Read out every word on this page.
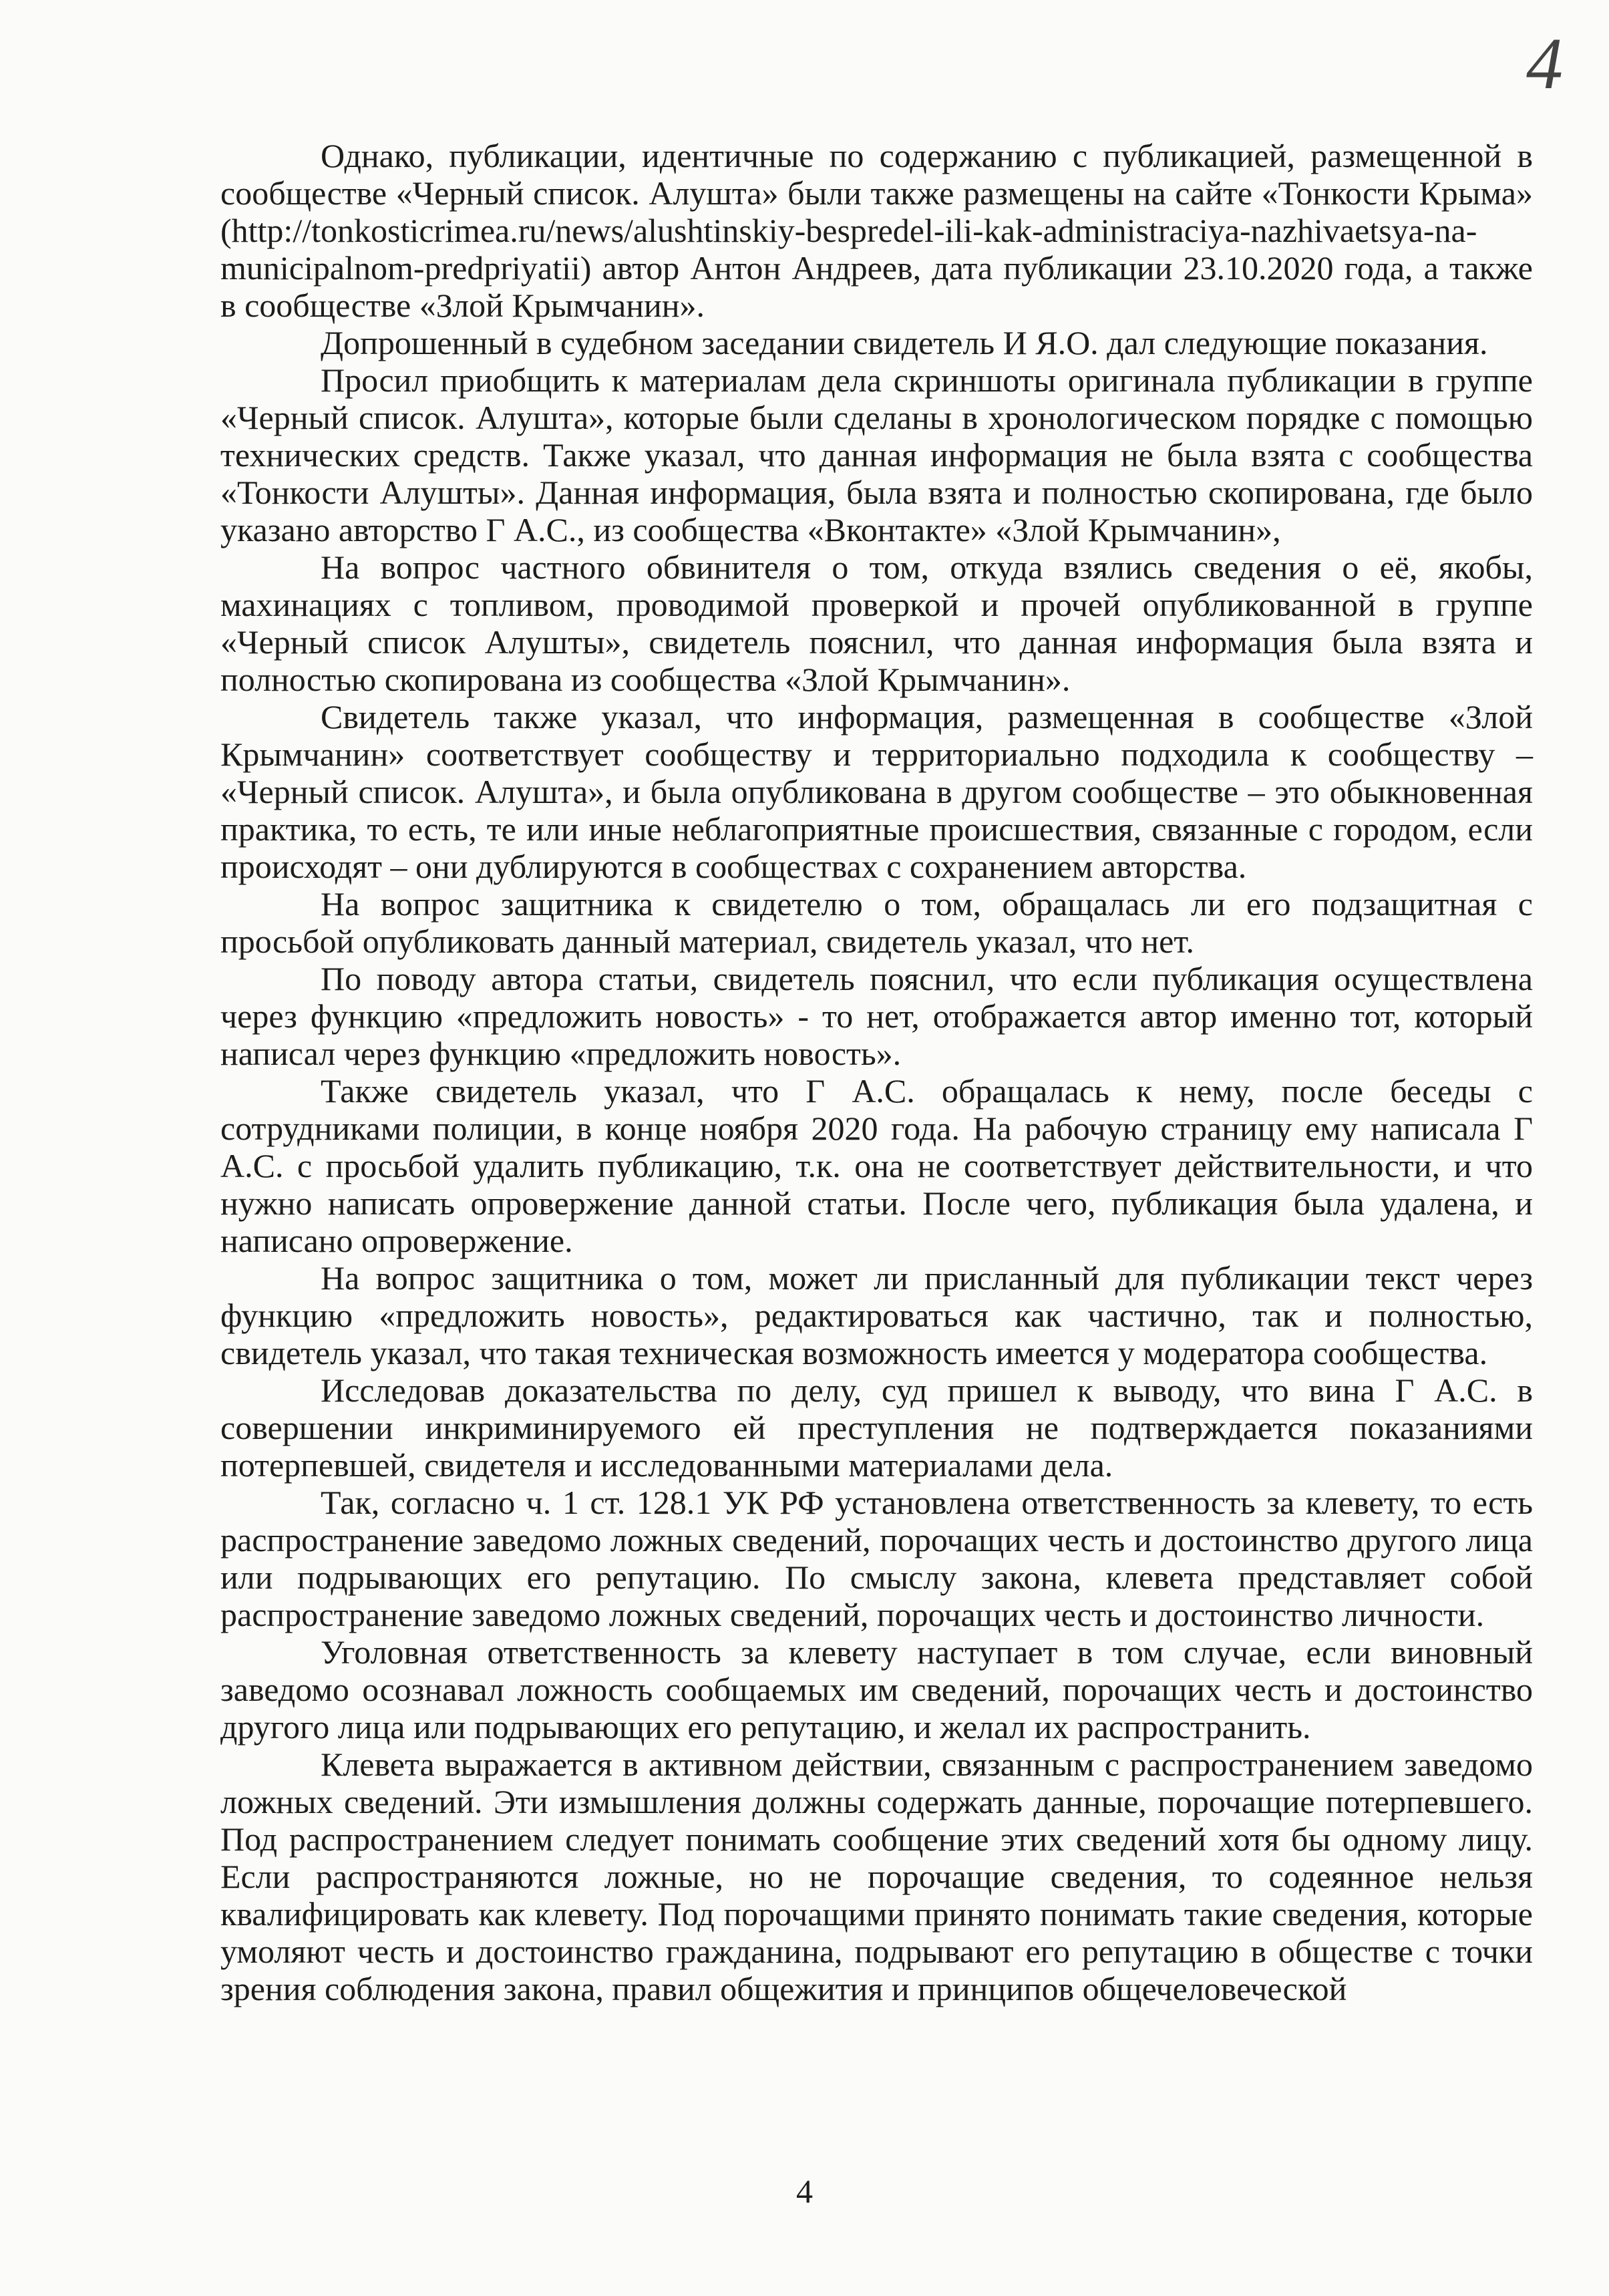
4

Однако, публикации, идентичные по содержанию с публикацией, размещенной в сообществе «Черный список. Алушта» были также размещены на сайте «Тонкости Крыма» (http://tonkosticrimea.ru/news/alushtinskiy-bespredel-ili-kak-administraciya-nazhivaetsya-na-municipalnom-predpriyatii) автор Антон Андреев, дата публикации 23.10.2020 года, а также в сообществе «Злой Крымчанин».

Допрошенный в судебном заседании свидетель И Я.О. дал следующие показания.

Просил приобщить к материалам дела скриншоты оригинала публикации в группе «Черный список. Алушта», которые были сделаны в хронологическом порядке с помощью технических средств. Также указал, что данная информация не была взята с сообщества «Тонкости Алушты». Данная информация, была взята и полностью скопирована, где было указано авторство Г А.С., из сообщества «Вконтакте» «Злой Крымчанин»,

На вопрос частного обвинителя о том, откуда взялись сведения о её, якобы, махинациях с топливом, проводимой проверкой и прочей опубликованной в группе «Черный список Алушты», свидетель пояснил, что данная информация была взята и полностью скопирована из сообщества «Злой Крымчанин».

Свидетель также указал, что информация, размещенная в сообществе «Злой Крымчанин» соответствует сообществу и территориально подходила к сообществу – «Черный список. Алушта», и была опубликована в другом сообществе – это обыкновенная практика, то есть, те или иные неблагоприятные происшествия, связанные с городом, если происходят – они дублируются в сообществах с сохранением авторства.

На вопрос защитника к свидетелю о том, обращалась ли его подзащитная с просьбой опубликовать данный материал, свидетель указал, что нет.

По поводу автора статьи, свидетель пояснил, что если публикация осуществлена через функцию «предложить новость» - то нет, отображается автор именно тот, который написал через функцию «предложить новость».

Также свидетель указал, что Г А.С. обращалась к нему, после беседы с сотрудниками полиции, в конце ноября 2020 года. На рабочую страницу ему написала Г А.С. с просьбой удалить публикацию, т.к. она не соответствует действительности, и что нужно написать опровержение данной статьи. После чего, публикация была удалена, и написано опровержение.

На вопрос защитника о том, может ли присланный для публикации текст через функцию «предложить новость», редактироваться как частично, так и полностью, свидетель указал, что такая техническая возможность имеется у модератора сообщества.

Исследовав доказательства по делу, суд пришел к выводу, что вина Г А.С. в совершении инкриминируемого ей преступления не подтверждается показаниями потерпевшей, свидетеля и исследованными материалами дела.

Так, согласно ч. 1 ст. 128.1 УК РФ установлена ответственность за клевету, то есть распространение заведомо ложных сведений, порочащих честь и достоинство другого лица или подрывающих его репутацию. По смыслу закона, клевета представляет собой распространение заведомо ложных сведений, порочащих честь и достоинство личности.

Уголовная ответственность за клевету наступает в том случае, если виновный заведомо осознавал ложность сообщаемых им сведений, порочащих честь и достоинство другого лица или подрывающих его репутацию, и желал их распространить.

Клевета выражается в активном действии, связанным с распространением заведомо ложных сведений. Эти измышления должны содержать данные, порочащие потерпевшего. Под распространением следует понимать сообщение этих сведений хотя бы одному лицу. Если распространяются ложные, но не порочащие сведения, то содеянное нельзя квалифицировать как клевету. Под порочащими принято понимать такие сведения, которые умоляют честь и достоинство гражданина, подрывают его репутацию в обществе с точки зрения соблюдения закона, правил общежития и принципов общечеловеческой

4
